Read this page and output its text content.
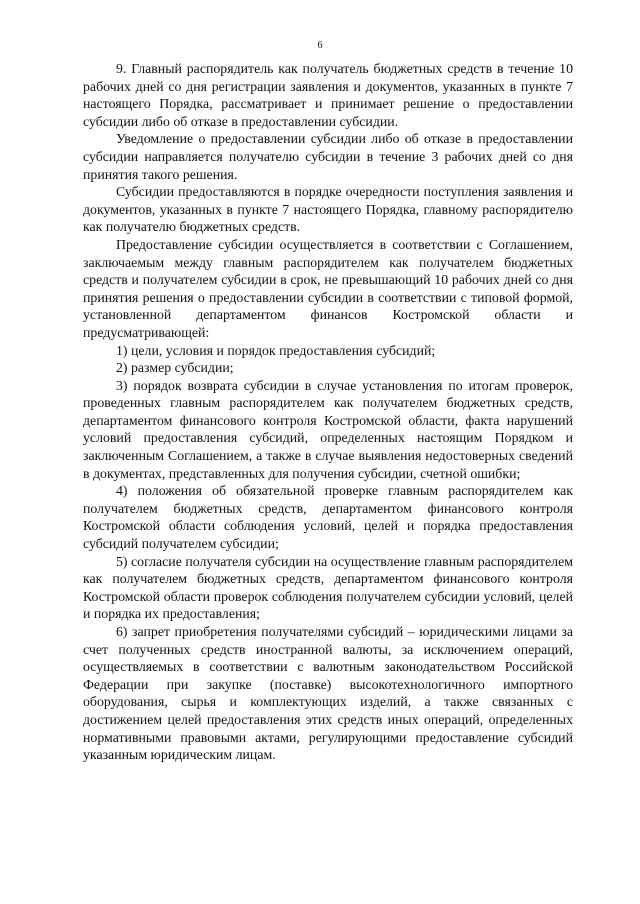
6

9. Главный распорядитель как получатель бюджетных средств в течение 10 рабочих дней со дня регистрации заявления и документов, указанных в пункте 7 настоящего Порядка, рассматривает и принимает решение о предоставлении субсидии либо об отказе в предоставлении субсидии.

Уведомление о предоставлении субсидии либо об отказе в предоставлении субсидии направляется получателю субсидии в течение 3 рабочих дней со дня принятия такого решения.

Субсидии предоставляются в порядке очередности поступления заявления и документов, указанных в пункте 7 настоящего Порядка, главному распорядителю как получателю бюджетных средств.

Предоставление субсидии осуществляется в соответствии с Соглашением, заключаемым между главным распорядителем как получателем бюджетных средств и получателем субсидии в срок, не превышающий 10 рабочих дней со дня принятия решения о предоставлении субсидии в соответствии с типовой формой, установленной департаментом финансов Костромской области и предусматривающей:

1) цели, условия и порядок предоставления субсидий;

2) размер субсидии;

3) порядок возврата субсидии в случае установления по итогам проверок, проведенных главным распорядителем как получателем бюджетных средств, департаментом финансового контроля Костромской области, факта нарушений условий предоставления субсидий, определенных настоящим Порядком и заключенным Соглашением, а также в случае выявления недостоверных сведений в документах, представленных для получения субсидии, счетной ошибки;

4) положения об обязательной проверке главным распорядителем как получателем бюджетных средств, департаментом финансового контроля Костромской области соблюдения условий, целей и порядка предоставления субсидий получателем субсидии;

5) согласие получателя субсидии на осуществление главным распорядителем как получателем бюджетных средств, департаментом финансового контроля Костромской области проверок соблюдения получателем субсидии условий, целей и порядка их предоставления;

6) запрет приобретения получателями субсидий – юридическими лицами за счет полученных средств иностранной валюты, за исключением операций, осуществляемых в соответствии с валютным законодательством Российской Федерации при закупке (поставке) высокотехнологичного импортного оборудования, сырья и комплектующих изделий, а также связанных с достижением целей предоставления этих средств иных операций, определенных нормативными правовыми актами, регулирующими предоставление субсидий указанным юридическим лицам.
